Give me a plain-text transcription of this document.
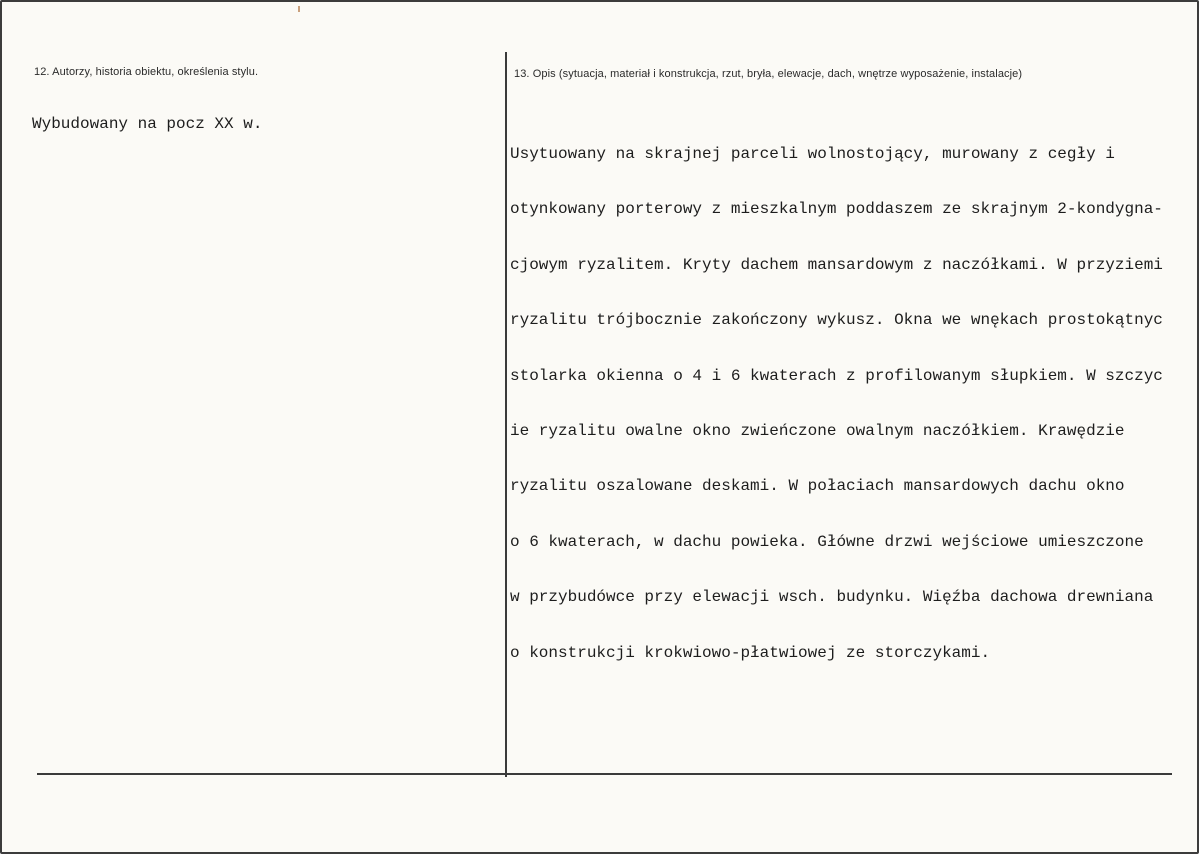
12. Autorzy, historia obiektu, określenia stylu.	13. Opis (sytuacja, materiał i konstrukcja, rzut, bryła, elewacje, dach, wnętrze wyposażenie, instalacje)
Wybudowany na pocz XX w.

Usytuowany na skrajnej parceli wolnostojący, murowany z cegły i

otynkowany porterowy z mieszkalnym poddaszem ze skrajnym 2-kondygna-

cjowym ryzalitem. Kryty dachem mansardowym z naczółkami. W przyziemi

ryzalitu trójbocznie zakończony wykusz. Okna we wnękach prostokątnyc

stolarka okienna o 4 i 6 kwaterach z profilowanym słupkiem. W szczyc

ie ryzalitu owalne okno zwieńczone owalnym naczółkiem. Krawędzie

ryzalitu oszalowane deskami. W połaciach mansardowych dachu okno

o 6 kwaterach, w dachu powieka. Główne drzwi wejściowe umieszczone

w przybudówce przy elewacji wsch. budynku. Więźba dachowa drewniana

o konstrukcji krokwiowo-płatwiowej ze storczykami.
